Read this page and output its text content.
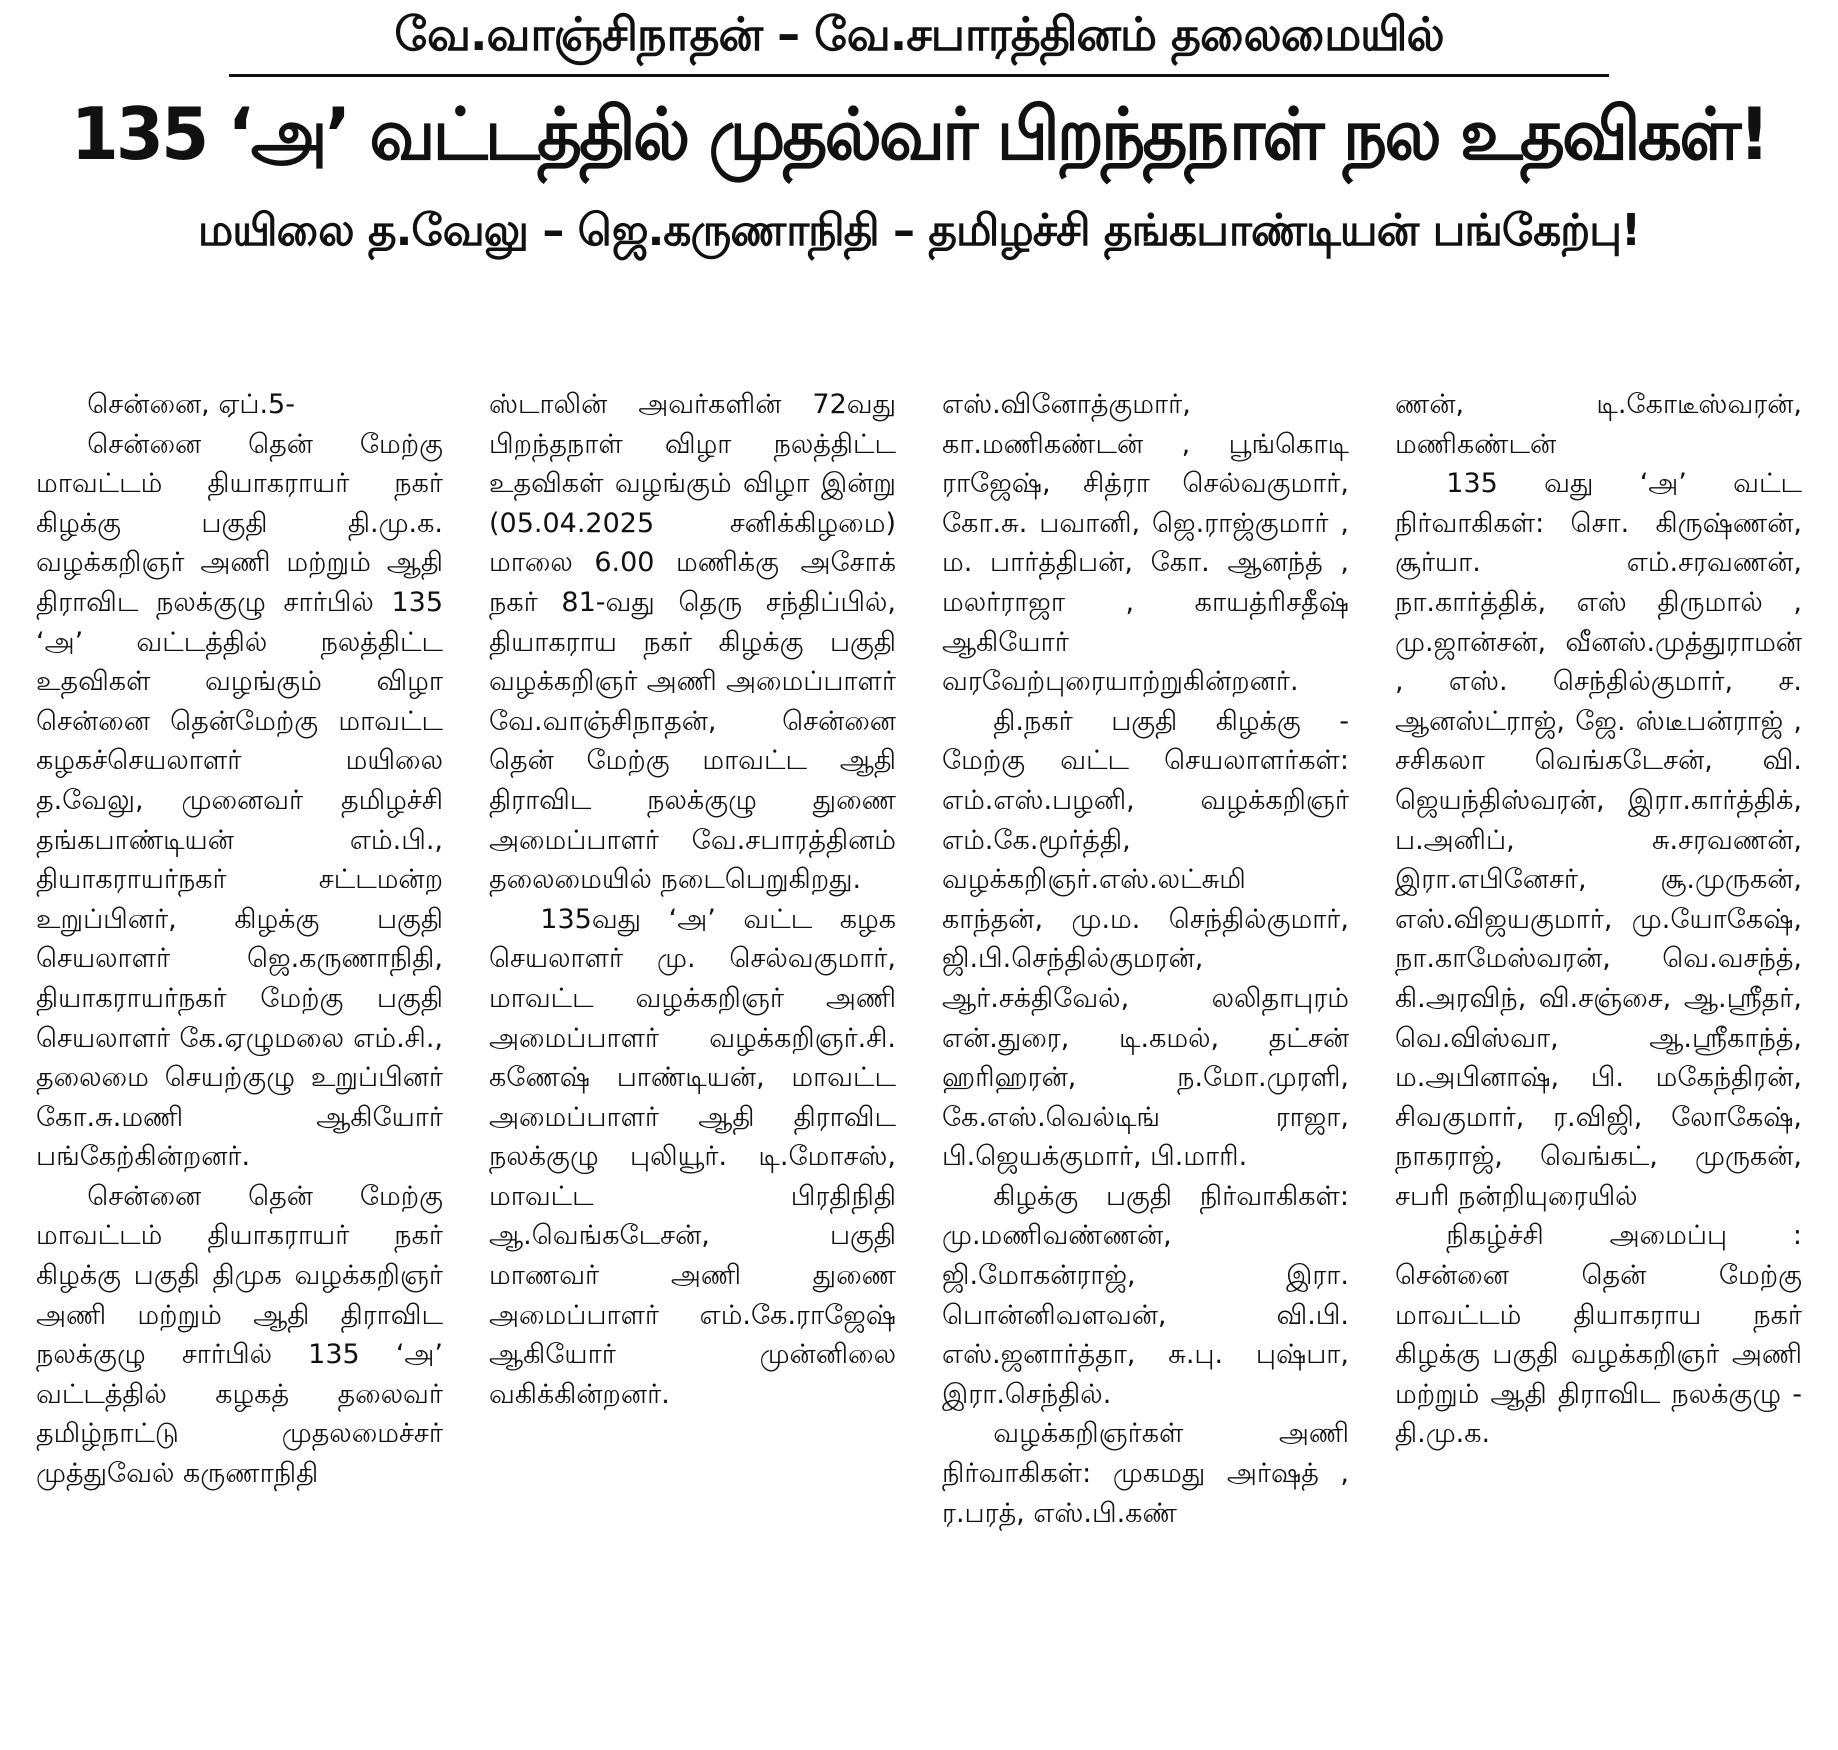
வே.வாஞ்சிநாதன் – வே.சபாரத்தினம் தலைமையில்
135 ‘அ’ வட்டத்தில் முதல்வர் பிறந்தநாள் நல உதவிகள்!
மயிலை த.வேலு – ஜெ.கருணாநிதி – தமிழச்சி தங்கபாண்டியன் பங்கேற்பு!

சென்னை, ஏப்.5-

சென்னை தென் மேற்கு மாவட்டம் தியாகராயர் நகர் கிழக்கு பகுதி தி.மு.க. வழக்கறிஞர் அணி மற்றும் ஆதி திராவிட நலக்குழு சார்பில் 135 ‘அ’ வட்டத்தில் நலத்திட்ட உதவிகள் வழங்கும் விழா சென்னை தென்மேற்கு மாவட்ட கழகச்செயலாளர் மயிலை த.வேலு, முனைவர் தமிழச்சி தங்கபாண்டியன் எம்.பி., தியாகராயர்நகர் சட்டமன்ற உறுப்பினர், கிழக்கு பகுதி செயலாளர் ஜெ.கருணாநிதி, தியாகராயர்நகர் மேற்கு பகுதி செயலாளர் கே.ஏழுமலை எம்.சி., தலைமை செயற்குழு உறுப்பினர் கோ.சு.மணி ஆகியோர் பங்கேற்கின்றனர்.

சென்னை தென் மேற்கு மாவட்டம் தியாகராயர் நகர் கிழக்கு பகுதி திமுக வழக்கறிஞர் அணி மற்றும் ஆதி திராவிட நலக்குழு சார்பில் 135 ‘அ’ வட்டத்தில் கழகத் தலைவர் தமிழ்நாட்டு முதலமைச்சர் முத்துவேல் கருணாநிதி

ஸ்டாலின் அவர்களின் 72வது பிறந்தநாள் விழா நலத்திட்ட உதவிகள் வழங்கும் விழா இன்று (05.04.2025 சனிக்கிழமை) மாலை 6.00 மணிக்கு அசோக் நகர் 81-வது தெரு சந்திப்பில், தியாகராய நகர் கிழக்கு பகுதி வழக்கறிஞர் அணி அமைப்பாளர் வே.வாஞ்சிநாதன், சென்னை தென் மேற்கு மாவட்ட ஆதி திராவிட நலக்குழு துணை அமைப்பாளர் வே.சபாரத்தினம் தலைமையில் நடைபெறுகிறது.

135வது ‘அ’ வட்ட கழக செயலாளர் மு. செல்வகுமார், மாவட்ட வழக்கறிஞர் அணி அமைப்பாளர் வழக்கறிஞர்.சி. கணேஷ் பாண்டியன், மாவட்ட அமைப்பாளர் ஆதி திராவிட நலக்குழு புலியூர். டி.மோசஸ், மாவட்ட பிரதிநிதி ஆ.வெங்கடேசன், பகுதி மாணவர் அணி துணை அமைப்பாளர் எம்.கே.ராஜேஷ் ஆகியோர் முன்னிலை வகிக்கின்றனர்.

எஸ்.வினோத்குமார், கா.மணிகண்டன் , பூங்கொடி ராஜேஷ், சித்ரா செல்வகுமார், கோ.சு. பவானி, ஜெ.ராஜ்குமார் , ம. பார்த்திபன், கோ. ஆனந்த் , மலர்ராஜா , காயத்ரிசதீஷ் ஆகியோர் வரவேற்புரையாற்றுகின்றனர்.

தி.நகர் பகுதி கிழக்கு - மேற்கு வட்ட செயலாளர்கள்: எம்.எஸ்.பழனி, வழக்கறிஞர் எம்.கே.மூர்த்தி, வழக்கறிஞர்.எஸ்.லட்சுமி காந்தன், மு.ம. செந்தில்குமார், ஜி.பி.செந்தில்குமரன், ஆர்.சக்திவேல், லலிதாபுரம் என்.துரை, டி.கமல், தட்சன் ஹரிஹரன், ந.மோ.முரளி, கே.எஸ்.வெல்டிங் ராஜா, பி.ஜெயக்குமார், பி.மாரி.

கிழக்கு பகுதி நிர்வாகிகள்: மு.மணிவண்ணன், ஜி.மோகன்ராஜ், இரா. பொன்னிவளவன், வி.பி. எஸ்.ஜனார்த்தா, சு.பு. புஷ்பா, இரா.செந்தில்.

வழக்கறிஞர்கள் அணி நிர்வாகிகள்: முகமது அர்ஷத் , ர.பரத், எஸ்.பி.கண்

ணன், டி.கோடீஸ்வரன், மணிகண்டன்

135 வது ‘அ’ வட்ட நிர்வாகிகள்: சொ. கிருஷ்ணன், சூர்யா. எம்.சரவணன், நா.கார்த்திக், எஸ் திருமால் , மு.ஜான்சன், வீனஸ்.முத்துராமன் , எஸ். செந்தில்குமார், ச. ஆனஸ்ட்ராஜ், ஜே. ஸ்டீபன்ராஜ் , சசிகலா வெங்கடேசன், வி. ஜெயந்திஸ்வரன், இரா.கார்த்திக், ப.அனிப், சு.சரவணன், இரா.எபினேசர், சூ.முருகன், எஸ்.விஜயகுமார், மு.யோகேஷ், நா.காமேஸ்வரன், வெ.வசந்த், கி.அரவிந், வி.சஞ்சை, ஆ.ஸ்ரீதர், வெ.விஸ்வா, ஆ.ஸ்ரீகாந்த், ம.அபினாஷ், பி. மகேந்திரன், சிவகுமார், ர.விஜி, லோகேஷ், நாகராஜ், வெங்கட், முருகன், சபரி நன்றியுரையில்

நிகழ்ச்சி அமைப்பு : சென்னை தென் மேற்கு மாவட்டம் தியாகராய நகர் கிழக்கு பகுதி வழக்கறிஞர் அணி மற்றும் ஆதி திராவிட நலக்குழு - தி.மு.க.
